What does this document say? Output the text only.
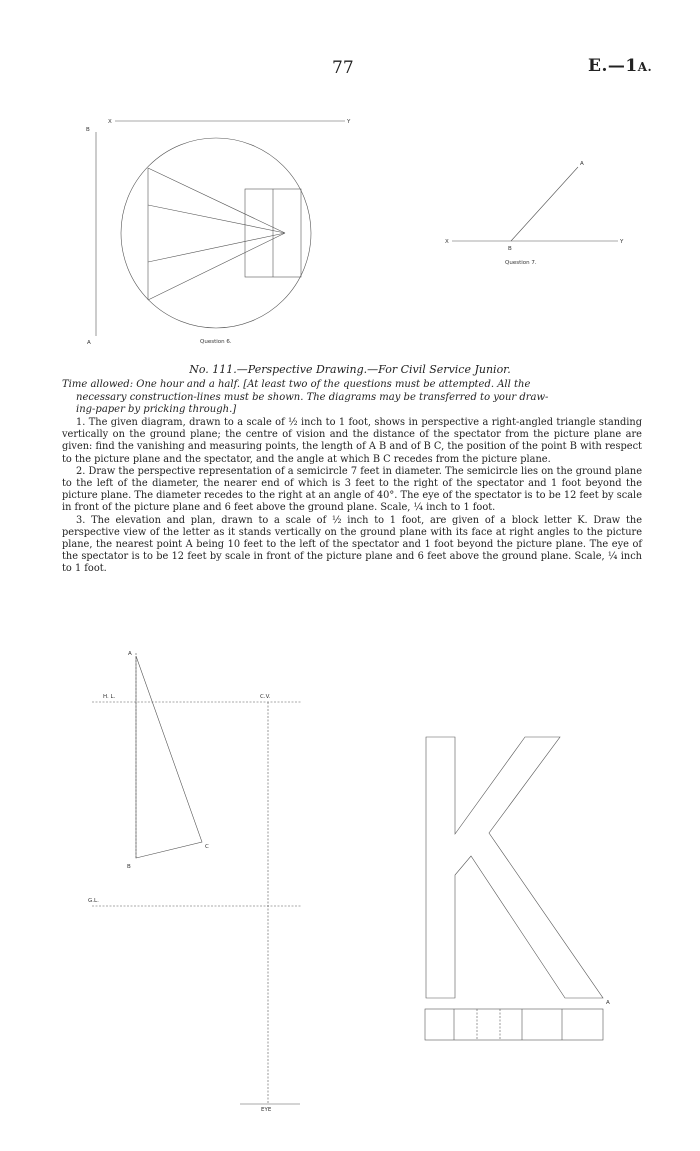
77	E.—1A.
X	Y
B
A	Question 6.
X	Y
A
B
Question 7.
A
B
C
H. L.	C.V.
G.L.
EYE
A
No. 111.—Perspective Drawing.—For Civil Service Junior.
Time allowed: One hour and a half. [At least two of the questions must be attempted. All the
necessary construction-lines must be shown. The diagrams may be transferred to your draw-
ing-paper by pricking through.]

1. The given diagram, drawn to a scale of ½ inch to 1 foot, shows in perspective a right-angled triangle standing vertically on the ground plane; the centre of vision and the distance of the spectator from the picture plane are given: find the vanishing and measuring points, the length of A B and of B C, the position of the point B with respect to the picture plane and the spectator, and the angle at which B C recedes from the picture plane.

2. Draw the perspective representation of a semicircle 7 feet in diameter. The semicircle lies on the ground plane to the left of the diameter, the nearer end of which is 3 feet to the right of the spectator and 1 foot beyond the picture plane. The diameter recedes to the right at an angle of 40°. The eye of the spectator is to be 12 feet by scale in front of the picture plane and 6 feet above the ground plane. Scale, ¼ inch to 1 foot.

3. The elevation and plan, drawn to a scale of ½ inch to 1 foot, are given of a block letter K. Draw the perspective view of the letter as it stands vertically on the ground plane with its face at right angles to the picture plane, the nearest point A being 10 feet to the left of the spectator and 1 foot beyond the picture plane. The eye of the spectator is to be 12 feet by scale in front of the picture plane and 6 feet above the ground plane. Scale, ¼ inch to 1 foot.
